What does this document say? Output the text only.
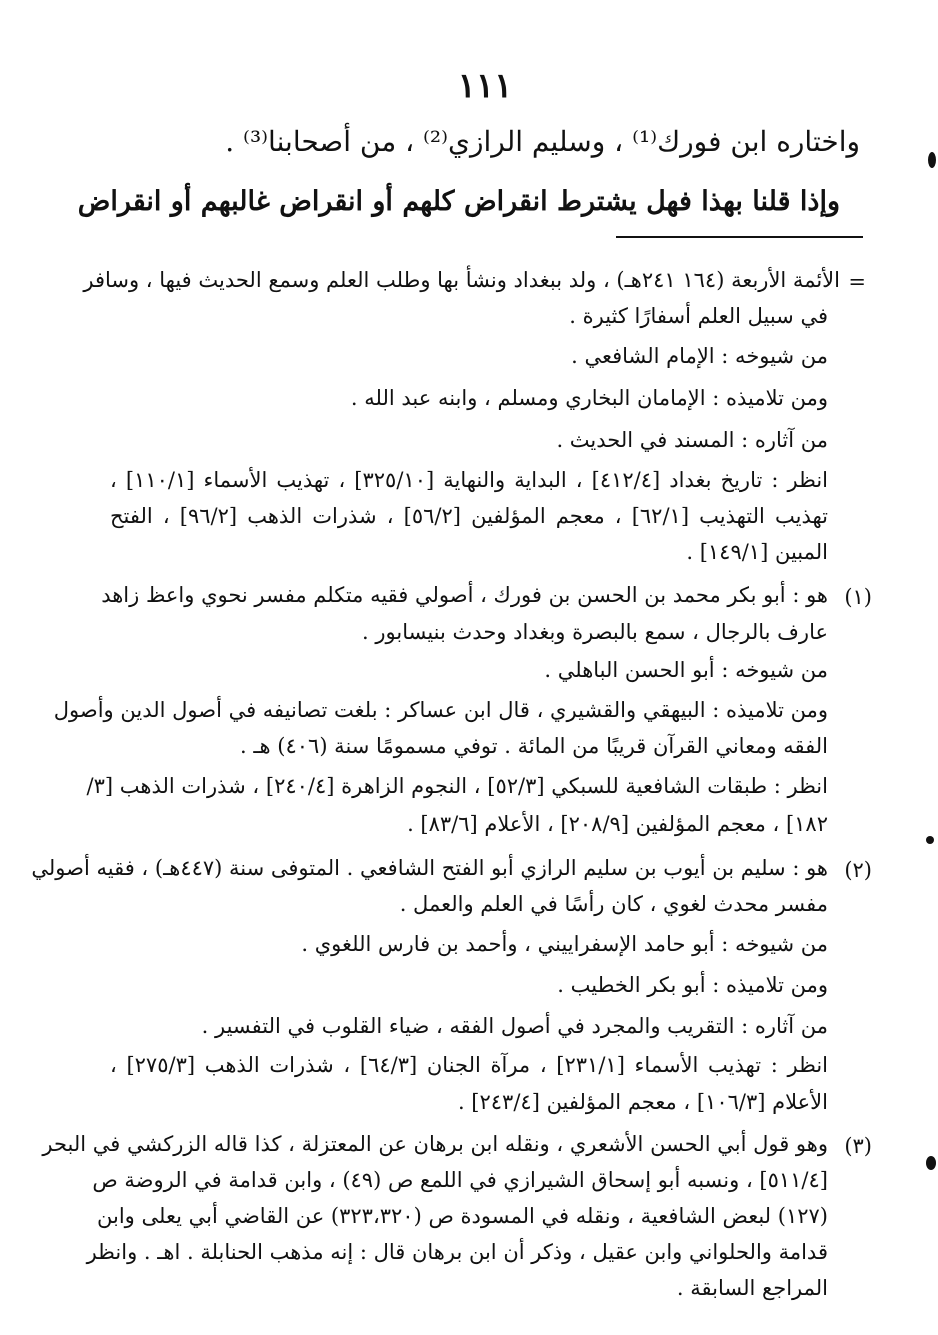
١١١
واختاره ابن فورك⁽¹⁾ ، وسليم الرازي⁽²⁾ ، من أصحابنا⁽³⁾ .
وإذا قلنا بهذا فهل يشترط انقراض كلهم أو انقراض غالبهم أو انقراض
=
الأئمة الأربعة (١٦٤ ٢٤١هـ) ، ولد ببغداد ونشأ بها وطلب العلم وسمع الحديث فيها ، وسافر
في سبيل العلم أسفارًا كثيرة .
من شيوخه : الإمام الشافعي .
ومن تلاميذه : الإمامان البخاري ومسلم ، وابنه عبد الله .
من آثاره : المسند في الحديث .
انظر : تاريخ بغداد [٤١٢/٤] ، البداية والنهاية [٣٢٥/١٠] ، تهذيب الأسماء [١١٠/١] ،
تهذيب التهذيب [٦٢/١] ، معجم المؤلفين [٥٦/٢] ، شذرات الذهب [٩٦/٢] ، الفتح
المبين [١٤٩/١] .
(١)
هو : أبو بكر محمد بن الحسن بن فورك ، أصولي فقيه متكلم مفسر نحوي واعظ زاهد
عارف بالرجال ، سمع بالبصرة وبغداد وحدث بنيسابور .
من شيوخه : أبو الحسن الباهلي .
ومن تلاميذه : البيهقي والقشيري ، قال ابن عساكر : بلغت تصانيفه في أصول الدين وأصول
الفقه ومعاني القرآن قريبًا من المائة . توفي مسمومًا سنة (٤٠٦) هـ .
انظر : طبقات الشافعية للسبكي [٥٢/٣] ، النجوم الزاهرة [٢٤٠/٤] ، شذرات الذهب [٣/
١٨٢] ، معجم المؤلفين [٢٠٨/٩] ، الأعلام [٨٣/٦] .
(٢)
هو : سليم بن أيوب بن سليم الرازي أبو الفتح الشافعي . المتوفى سنة (٤٤٧هـ) ، فقيه أصولي
مفسر محدث لغوي ، كان رأسًا في العلم والعمل .
من شيوخه : أبو حامد الإسفراييني ، وأحمد بن فارس اللغوي .
ومن تلاميذه : أبو بكر الخطيب .
من آثاره : التقريب والمجرد في أصول الفقه ، ضياء القلوب في التفسير .
انظر : تهذيب الأسماء [٢٣١/١] ، مرآة الجنان [٦٤/٣] ، شذرات الذهب [٢٧٥/٣] ،
الأعلام [١٠٦/٣] ، معجم المؤلفين [٢٤٣/٤] .
(٣)
وهو قول أبي الحسن الأشعري ، ونقله ابن برهان عن المعتزلة ، كذا قاله الزركشي في البحر
[٥١١/٤] ، ونسبه أبو إسحاق الشيرازي في اللمع ص (٤٩) ، وابن قدامة في الروضة ص
(١٢٧) لبعض الشافعية ، ونقله في المسودة ص (٣٢٣،٣٢٠) عن القاضي أبي يعلى وابن
قدامة والحلواني وابن عقيل ، وذكر أن ابن برهان قال : إنه مذهب الحنابلة . اهـ . وانظر
المراجع السابقة .
